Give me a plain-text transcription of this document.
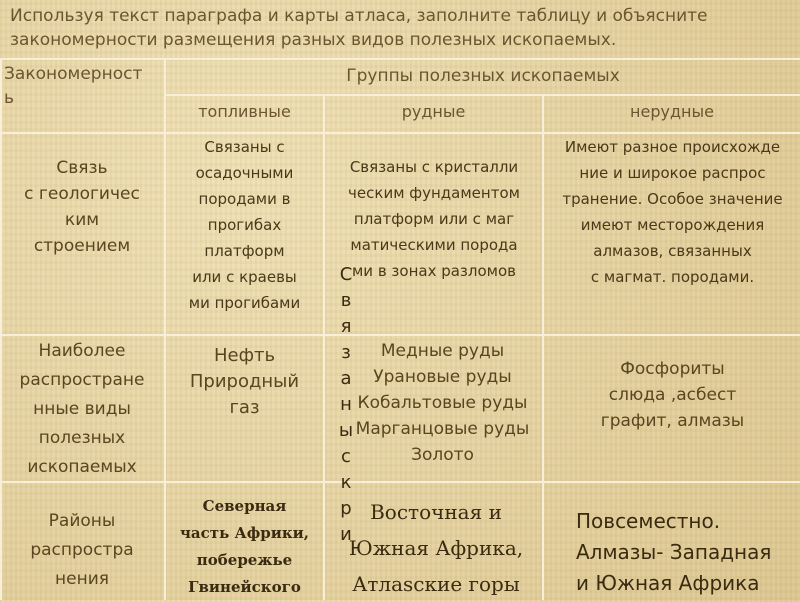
Используя текст параграфа и карты атласа, заполните таблицу и объясните
закономерности размещения разных видов полезных ископаемых.
Закономерност
ь
Группы полезных ископаемых
топливные	рудные	нерудные
Связь
с геологичес
ким
строением
Связаны с
осадочными
породами в
прогибах
платформ
или с краевы
ми прогибами
Связаны с кристалли
ческим фундаментом
платформ или с маг
матическими порода
ми в зонах разломов
Имеют разное происхожде
ние и широкое распрос
транение. Особое значение
имеют месторождения
алмазов, связанных
с магмат. породами.
Наиболее
распростране
нные виды
полезных
ископаемых
Нефть
Природный
газ
Медные руды
Урановые руды
Кобальтовые руды
Марганцовые руды
Золото
Фосфориты
слюда ,асбест
графит, алмазы
Районы
распростра
нения
Северная
часть Африки,
побережье
Гвинейского
Восточная и
Южная Африка,
Атлasские горы
Повсеместно.
Алмазы- Западная
и Южная Африка
С
в
я
з
а
н
ы
с
к
р
и
